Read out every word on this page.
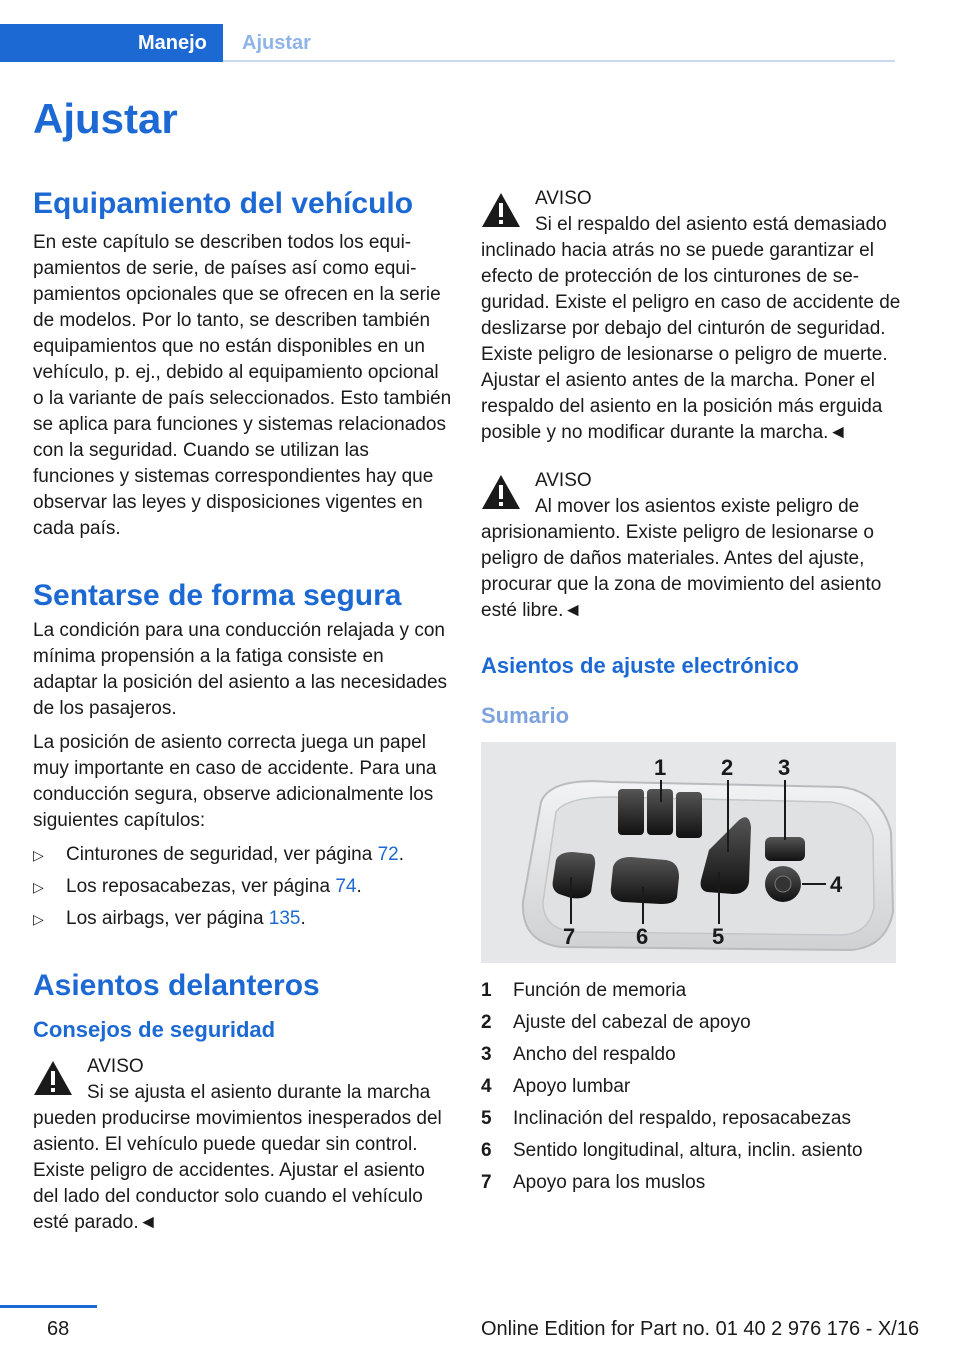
Manejo Ajustar
Ajustar
Equipamiento del vehículo

En este capítulo se describen todos los equipamientos de serie, de países así como equipamientos opcionales que se ofrecen en la serie de modelos. Por lo tanto, se describen también equipamientos que no están disponibles en un vehículo, p. ej., debido al equipamiento opcional o la variante de país seleccionados. Esto también se aplica para funciones y sistemas relacionados con la seguridad. Cuando se utilizan las funciones y sistemas correspondientes hay que observar las leyes y disposiciones vigentes en cada país.

Sentarse de forma segura

La condición para una conducción relajada y con mínima propensión a la fatiga consiste en adaptar la posición del asiento a las necesidades de los pasajeros.

La posición de asiento correcta juega un papel muy importante en caso de accidente. Para una conducción segura, observe adicionalmente los siguientes capítulos:

▷ Cinturones de seguridad, ver página 72.
▷ Los reposacabezas, ver página 74.
▷ Los airbags, ver página 135.
Asientos delanteros
Consejos de seguridad
AVISO

Si se ajusta el asiento durante la marcha pueden producirse movimientos inesperados del asiento. El vehículo puede quedar sin control. Existe peligro de accidentes. Ajustar el asiento del lado del conductor solo cuando el vehículo esté parado.◄

AVISO

Si el respaldo del asiento está demasiado inclinado hacia atrás no se puede garantizar el efecto de protección de los cinturones de seguridad. Existe el peligro en caso de accidente de deslizarse por debajo del cinturón de seguridad. Existe peligro de lesionarse o peligro de muerte. Ajustar el asiento antes de la marcha. Poner el respaldo del asiento en la posición más erguida posible y no modificar durante la marcha.◄

AVISO

Al mover los asientos existe peligro de aprisionamiento. Existe peligro de lesionarse o peligro de daños materiales. Antes del ajuste, procurar que la zona de movimiento del asiento esté libre.◄

Asientos de ajuste electrónico
Sumario
1 2 3
4
5
6
7
1	Función de memoria
2	Ajuste del cabezal de apoyo
3	Ancho del respaldo
4	Apoyo lumbar
5	Inclinación del respaldo, reposacabezas
6	Sentido longitudinal, altura, inclin. asiento
7	Apoyo para los muslos
68	Online Edition for Part no. 01 40 2 976 176 - X/16
